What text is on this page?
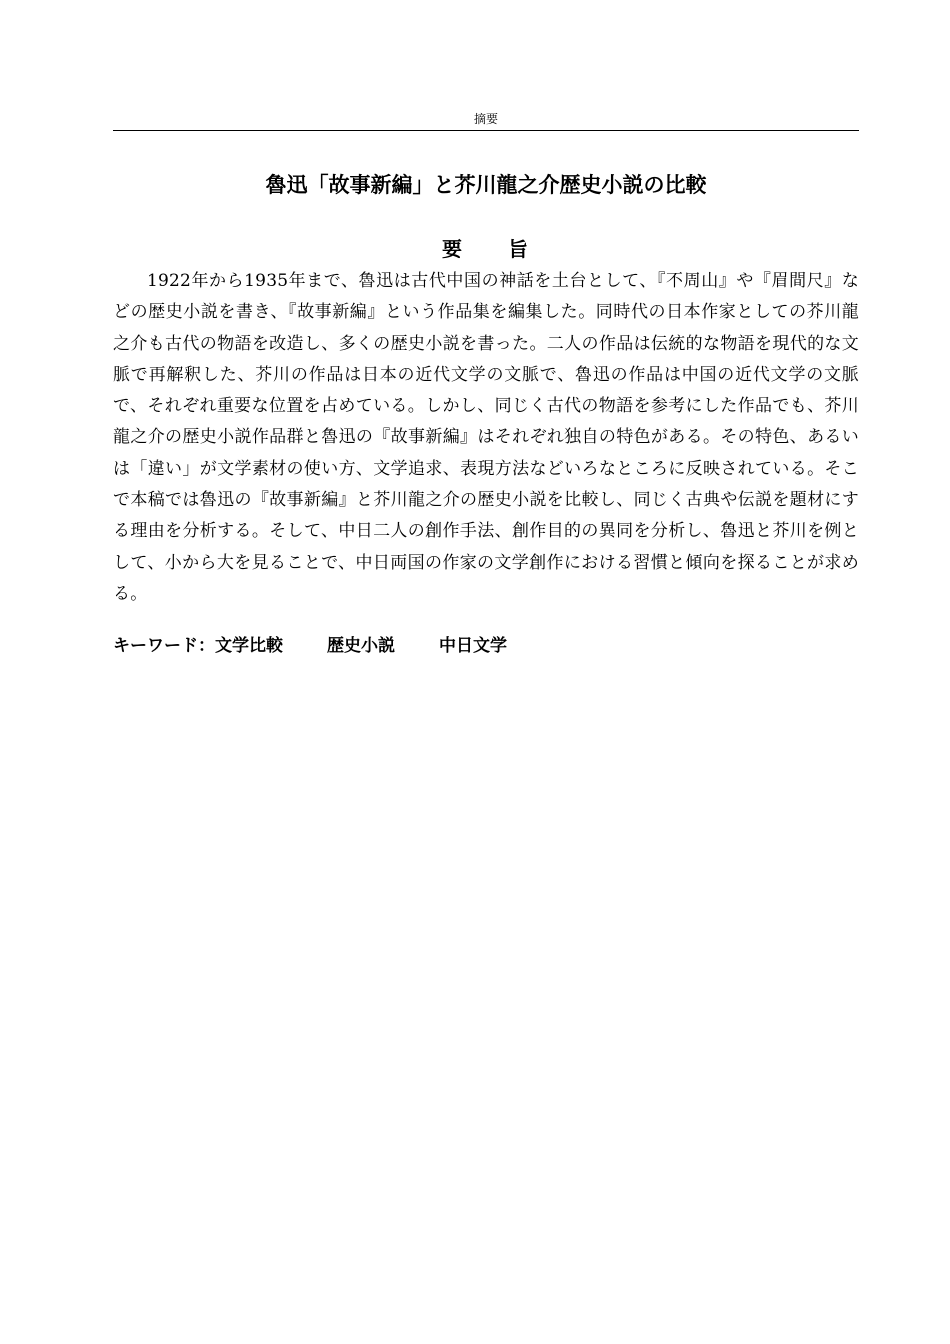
摘要
魯迅「故事新編」と芥川龍之介歴史小説の比較
要　　旨

1922年から1935年まで、魯迅は古代中国の神話を土台として、『不周山』や『眉間尺』などの歴史小説を書き、『故事新編』という作品集を編集した。同時代の日本作家としての芥川龍之介も古代の物語を改造し、多くの歴史小説を書った。二人の作品は伝統的な物語を現代的な文脈で再解釈した、芥川の作品は日本の近代文学の文脈で、魯迅の作品は中国の近代文学の文脈で、それぞれ重要な位置を占めている。しかし、同じく古代の物語を参考にした作品でも、芥川龍之介の歴史小説作品群と魯迅の『故事新編』はそれぞれ独自の特色がある。その特色、あるいは「違い」が文学素材の使い方、文学追求、表現方法などいろなところに反映されている。そこで本稿では魯迅の『故事新編』と芥川龍之介の歴史小説を比較し、同じく古典や伝説を題材にする理由を分析する。そして、中日二人の創作手法、創作目的の異同を分析し、魯迅と芥川を例として、小から大を見ることで、中日両国の作家の文学創作における習慣と傾向を探ることが求める。

キーワード：文学比較	歴史小説	中日文学
